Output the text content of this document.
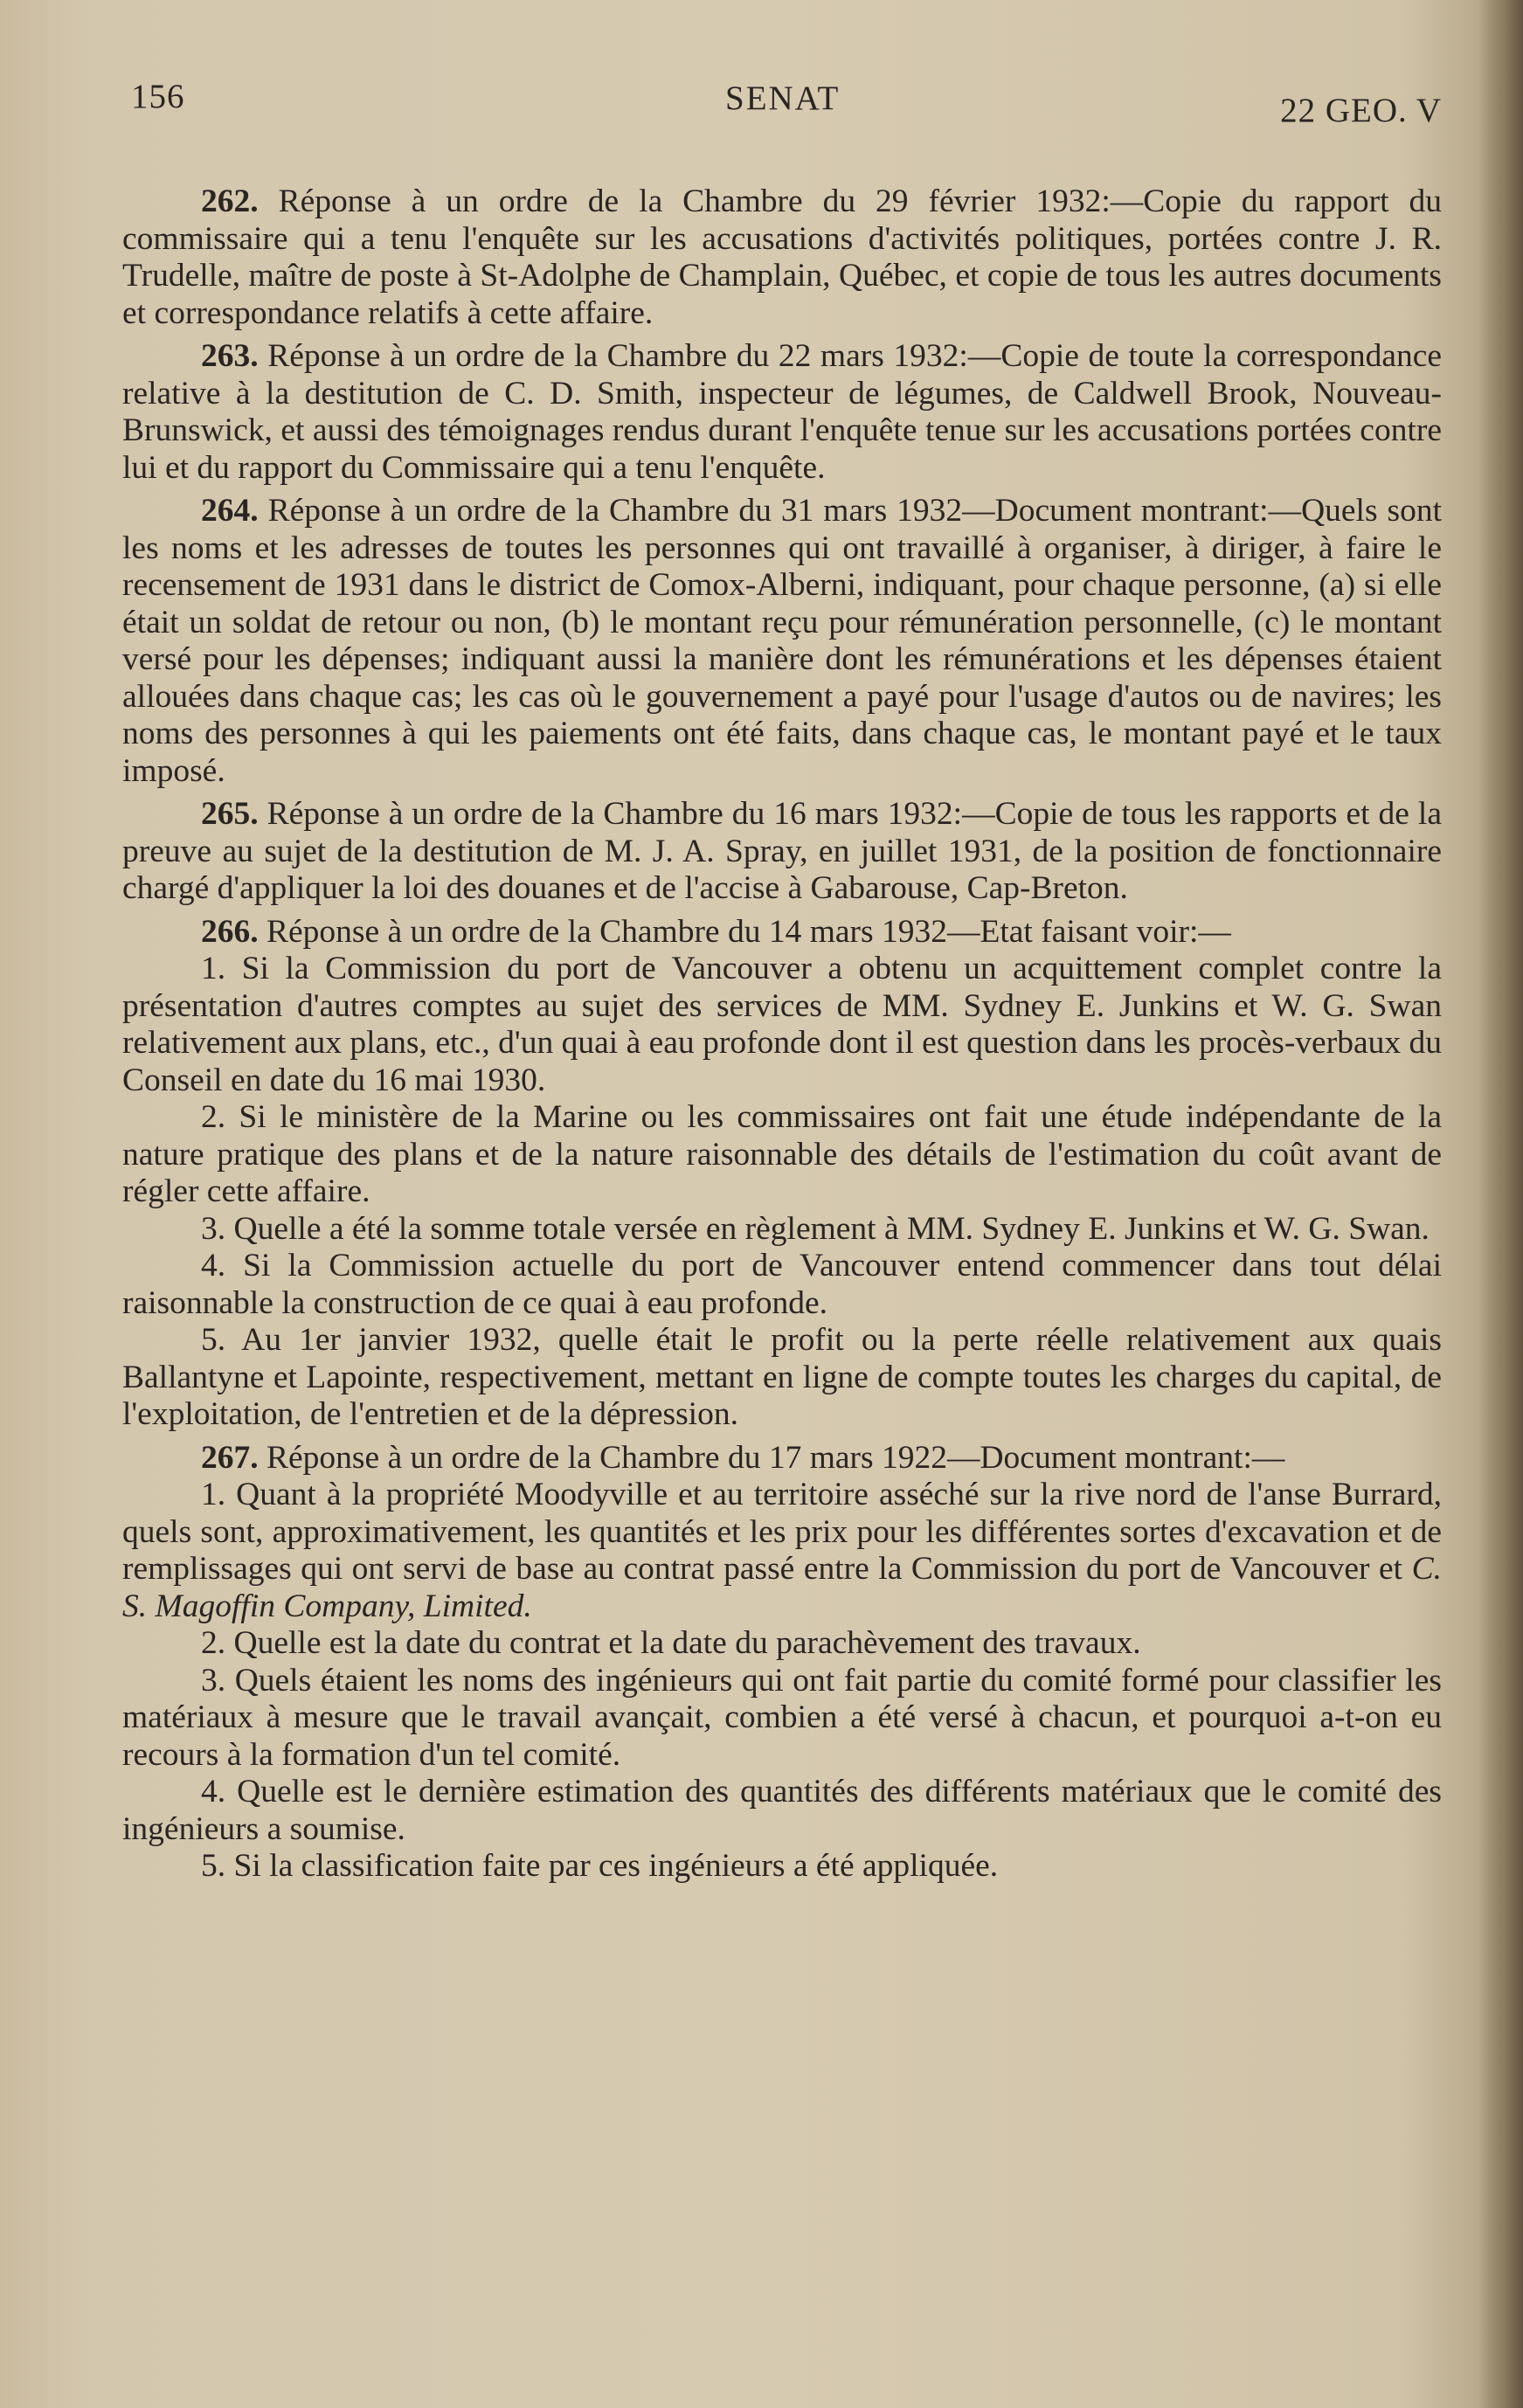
156	SENAT	22 GEO. V

262. Réponse à un ordre de la Chambre du 29 février 1932:—Copie du rapport du commissaire qui a tenu l'enquête sur les accusations d'activités politiques, portées contre J. R. Trudelle, maître de poste à St-Adolphe de Champlain, Québec, et copie de tous les autres documents et correspondance relatifs à cette affaire.

263. Réponse à un ordre de la Chambre du 22 mars 1932:—Copie de toute la correspondance relative à la destitution de C. D. Smith, inspecteur de légumes, de Caldwell Brook, Nouveau-Brunswick, et aussi des témoignages rendus durant l'enquête tenue sur les accusations portées contre lui et du rapport du Commissaire qui a tenu l'enquête.

264. Réponse à un ordre de la Chambre du 31 mars 1932—Document montrant:—Quels sont les noms et les adresses de toutes les personnes qui ont travaillé à organiser, à diriger, à faire le recensement de 1931 dans le district de Comox-Alberni, indiquant, pour chaque personne, (a) si elle était un soldat de retour ou non, (b) le montant reçu pour rémunération personnelle, (c) le montant versé pour les dépenses; indiquant aussi la manière dont les rémunérations et les dépenses étaient allouées dans chaque cas; les cas où le gouvernement a payé pour l'usage d'autos ou de navires; les noms des personnes à qui les paiements ont été faits, dans chaque cas, le montant payé et le taux imposé.

265. Réponse à un ordre de la Chambre du 16 mars 1932:—Copie de tous les rapports et de la preuve au sujet de la destitution de M. J. A. Spray, en juillet 1931, de la position de fonctionnaire chargé d'appliquer la loi des douanes et de l'accise à Gabarouse, Cap-Breton.

266. Réponse à un ordre de la Chambre du 14 mars 1932—Etat faisant voir:—

1. Si la Commission du port de Vancouver a obtenu un acquittement complet contre la présentation d'autres comptes au sujet des services de MM. Sydney E. Junkins et W. G. Swan relativement aux plans, etc., d'un quai à eau profonde dont il est question dans les procès-verbaux du Conseil en date du 16 mai 1930.

2. Si le ministère de la Marine ou les commissaires ont fait une étude indépendante de la nature pratique des plans et de la nature raisonnable des détails de l'estimation du coût avant de régler cette affaire.

3. Quelle a été la somme totale versée en règlement à MM. Sydney E. Junkins et W. G. Swan.

4. Si la Commission actuelle du port de Vancouver entend commencer dans tout délai raisonnable la construction de ce quai à eau profonde.

5. Au 1er janvier 1932, quelle était le profit ou la perte réelle relativement aux quais Ballantyne et Lapointe, respectivement, mettant en ligne de compte toutes les charges du capital, de l'exploitation, de l'entretien et de la dépression.

267. Réponse à un ordre de la Chambre du 17 mars 1922—Document montrant:—

1. Quant à la propriété Moodyville et au territoire asséché sur la rive nord de l'anse Burrard, quels sont, approximativement, les quantités et les prix pour les différentes sortes d'excavation et de remplissages qui ont servi de base au contrat passé entre la Commission du port de Vancouver et C. S. Magoffin Company, Limited.

2. Quelle est la date du contrat et la date du parachèvement des travaux.

3. Quels étaient les noms des ingénieurs qui ont fait partie du comité formé pour classifier les matériaux à mesure que le travail avançait, combien a été versé à chacun, et pourquoi a-t-on eu recours à la formation d'un tel comité.

4. Quelle est le dernière estimation des quantités des différents matériaux que le comité des ingénieurs a soumise.

5. Si la classification faite par ces ingénieurs a été appliquée.
